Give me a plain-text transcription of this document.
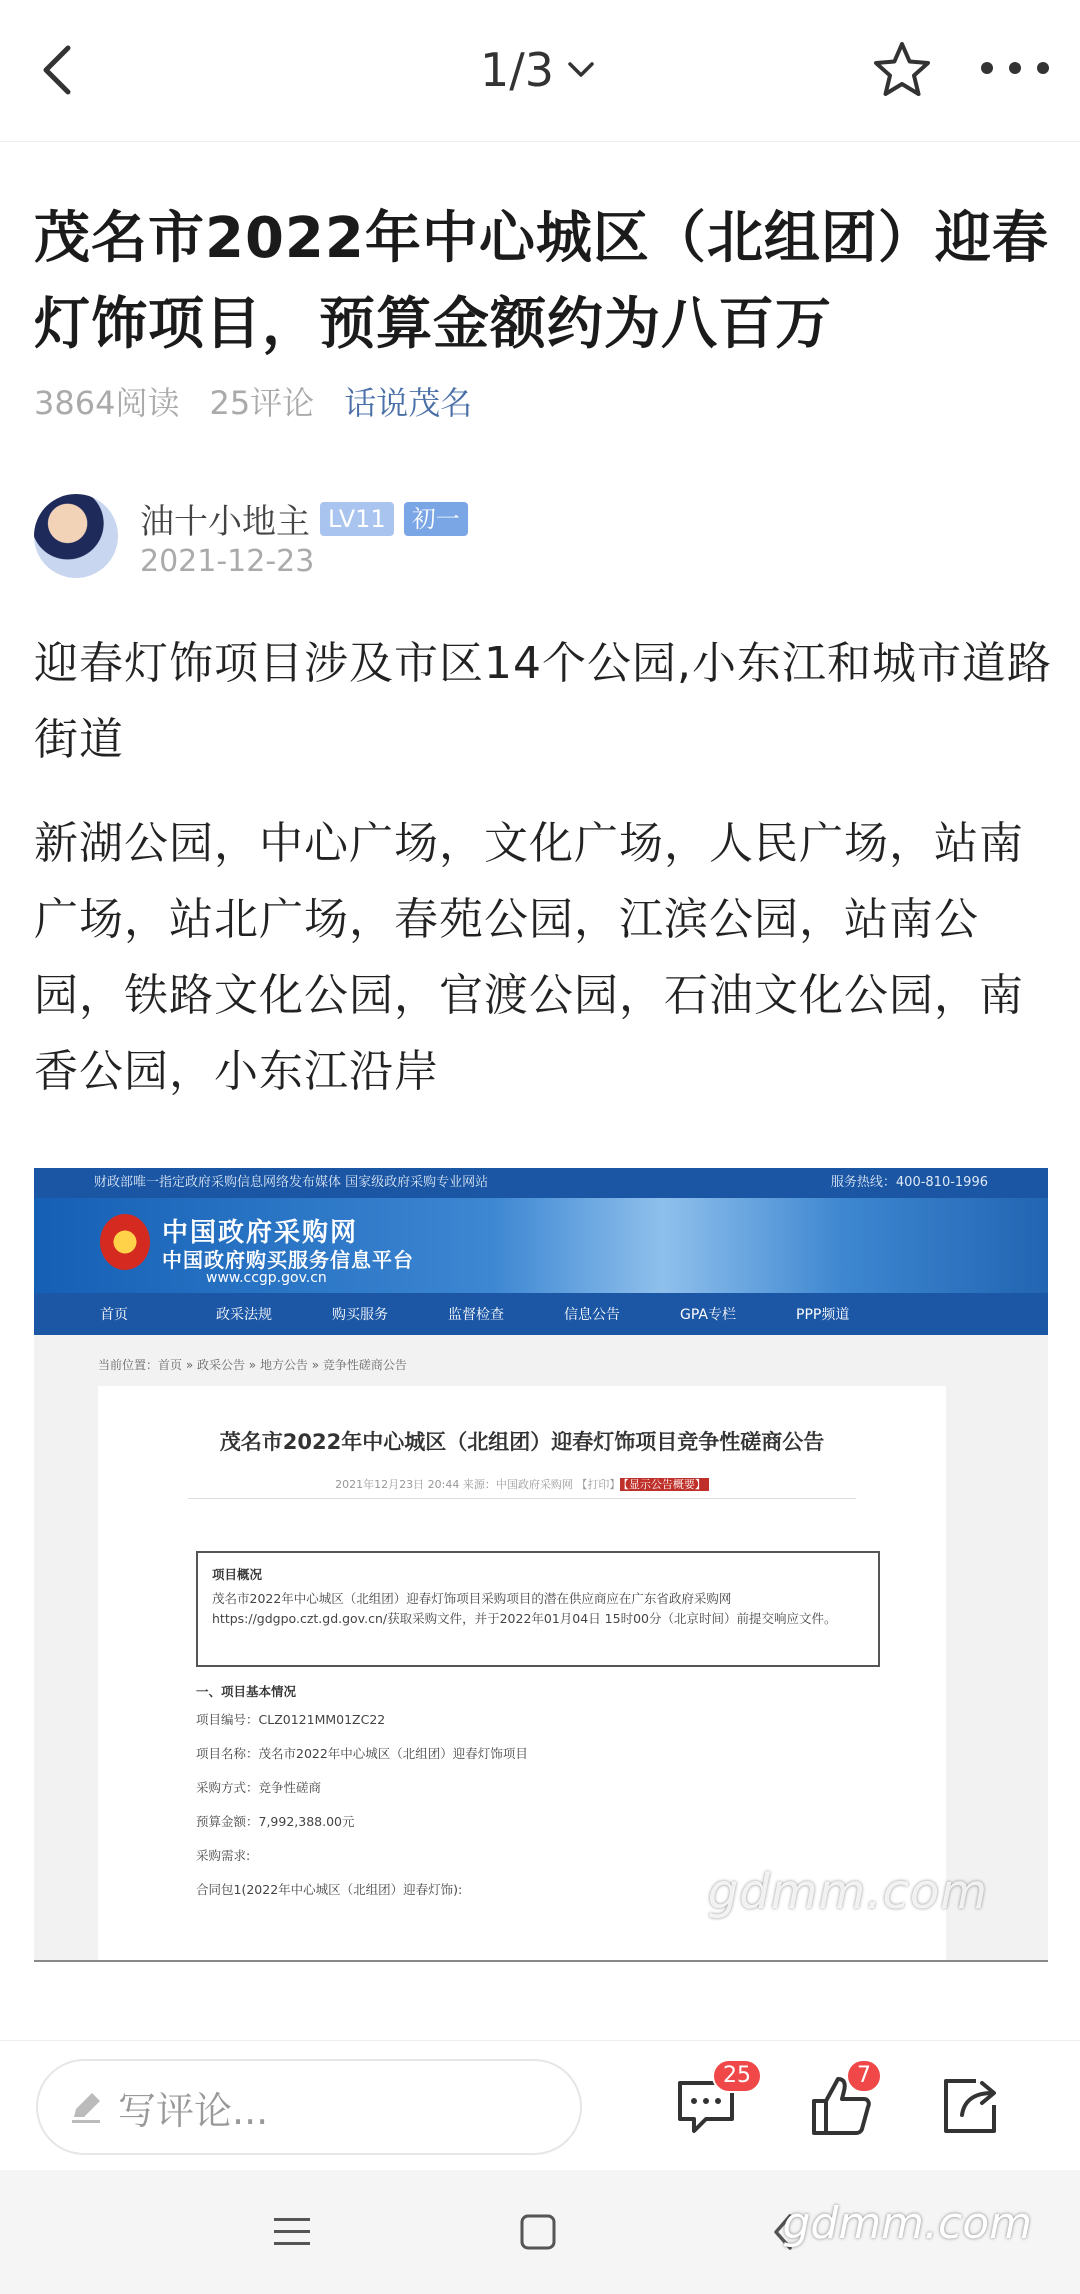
1/3
茂名市2022年中心城区（北组团）迎春灯饰项目，预算金额约为八百万
3864阅读 25评论 话说茂名
油十小地主 LV11	初一
2021-12-23

迎春灯饰项目涉及市区14个公园,小东江和城市道路街道

新湖公园，中心广场，文化广场，人民广场，站南广场，站北广场，春苑公园，江滨公园，站南公园，铁路文化公园，官渡公园，石油文化公园，南香公园，小东江沿岸

财政部唯一指定政府采购信息网络发布媒体 国家级政府采购专业网站	服务热线：400-810-1996
中国政府采购网
中国政府购买服务信息平台
www.ccgp.gov.cn
首页	政采法规	购买服务	监督检查	信息公告	GPA专栏	PPP频道
当前位置：首页 » 政采公告 » 地方公告 » 竞争性磋商公告
茂名市2022年中心城区（北组团）迎春灯饰项目竞争性磋商公告
2021年12月23日 20:44 来源：中国政府采购网 【打印】 【显示公告概要】
项目概况
茂名市2022年中心城区（北组团）迎春灯饰项目采购项目的潜在供应商应在广东省政府采购网https://gdgpo.czt.gd.gov.cn/获取采购文件，并于2022年01月04日 15时00分（北京时间）前提交响应文件。
一、项目基本情况
项目编号：CLZ0121MM01ZC22
项目名称：茂名市2022年中心城区（北组团）迎春灯饰项目
采购方式：竞争性磋商
预算金额：7,992,388.00元
采购需求:
合同包1(2022年中心城区（北组团）迎春灯饰):	gdmm.com
写评论...
25	7
gdmm.com
